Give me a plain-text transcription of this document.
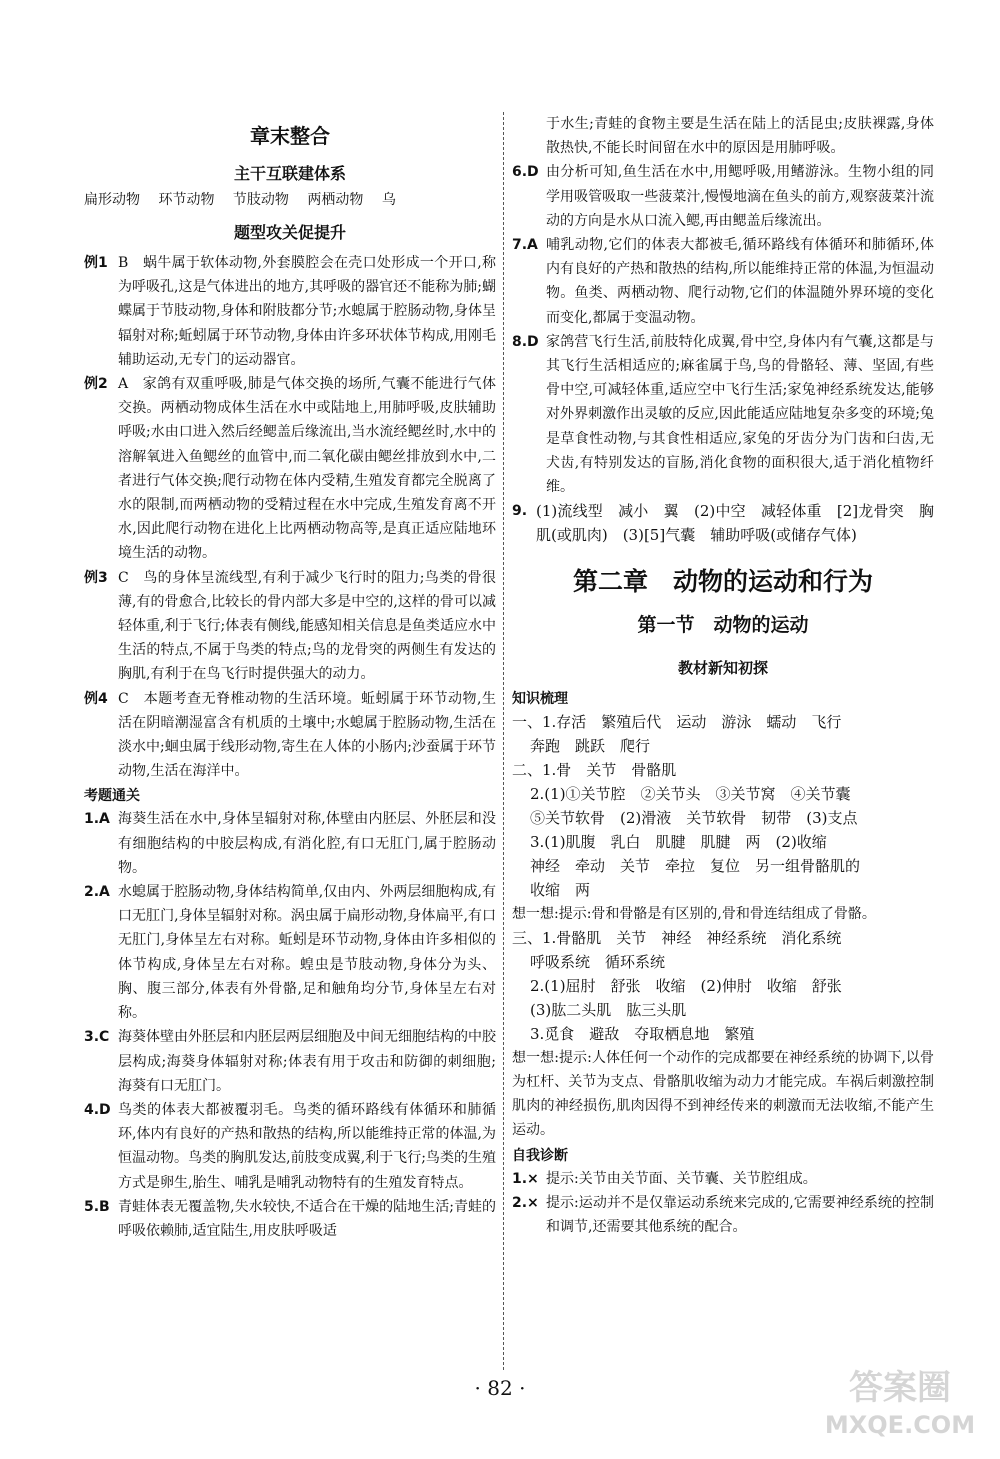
章末整合
主干互联建体系
扁形动物 环节动物 节肢动物 两栖动物 乌
题型攻关促提升
例1 B　蜗牛属于软体动物,外套膜腔会在壳口处形成一个开口,称为呼吸孔,这是气体进出的地方,其呼吸的器官还不能称为肺;蝴蝶属于节肢动物,身体和附肢都分节;水螅属于腔肠动物,身体呈辐射对称;蚯蚓属于环节动物,身体由许多环状体节构成,用刚毛辅助运动,无专门的运动器官。
例2 A　家鸽有双重呼吸,肺是气体交换的场所,气囊不能进行气体交换。两栖动物成体生活在水中或陆地上,用肺呼吸,皮肤辅助呼吸;水由口进入然后经鳃盖后缘流出,当水流经鳃丝时,水中的溶解氧进入鱼鳃丝的血管中,而二氧化碳由鳃丝排放到水中,二者进行气体交换;爬行动物在体内受精,生殖发育都完全脱离了水的限制,而两栖动物的受精过程在水中完成,生殖发育离不开水,因此爬行动物在进化上比两栖动物高等,是真正适应陆地环境生活的动物。
例3 C　鸟的身体呈流线型,有利于减少飞行时的阻力;鸟类的骨很薄,有的骨愈合,比较长的骨内部大多是中空的,这样的骨可以减轻体重,利于飞行;体表有侧线,能感知相关信息是鱼类适应水中生活的特点,不属于鸟类的特点;鸟的龙骨突的两侧生有发达的胸肌,有利于在鸟飞行时提供强大的动力。
例4 C　本题考查无脊椎动物的生活环境。蚯蚓属于环节动物,生活在阴暗潮湿富含有机质的土壤中;水螅属于腔肠动物,生活在淡水中;蛔虫属于线形动物,寄生在人体的小肠内;沙蚕属于环节动物,生活在海洋中。
考题通关
1.A 海葵生活在水中,身体呈辐射对称,体壁由内胚层、外胚层和没有细胞结构的中胶层构成,有消化腔,有口无肛门,属于腔肠动物。
2.A 水螅属于腔肠动物,身体结构简单,仅由内、外两层细胞构成,有口无肛门,身体呈辐射对称。涡虫属于扁形动物,身体扁平,有口无肛门,身体呈左右对称。蚯蚓是环节动物,身体由许多相似的体节构成,身体呈左右对称。蝗虫是节肢动物,身体分为头、胸、腹三部分,体表有外骨骼,足和触角均分节,身体呈左右对称。
3.C 海葵体壁由外胚层和内胚层两层细胞及中间无细胞结构的中胶层构成;海葵身体辐射对称;体表有用于攻击和防御的刺细胞;海葵有口无肛门。
4.D 鸟类的体表大都被覆羽毛。鸟类的循环路线有体循环和肺循环,体内有良好的产热和散热的结构,所以能维持正常的体温,为恒温动物。鸟类的胸肌发达,前肢变成翼,利于飞行;鸟类的生殖方式是卵生,胎生、哺乳是哺乳动物特有的生殖发育特点。
5.B 青蛙体表无覆盖物,失水较快,不适合在干燥的陆地生活;青蛙的呼吸依赖肺,适宜陆生,用皮肤呼吸适

于水生;青蛙的食物主要是生活在陆上的活昆虫;皮肤裸露,身体散热快,不能长时间留在水中的原因是用肺呼吸。

6.D 由分析可知,鱼生活在水中,用鳃呼吸,用鳍游泳。生物小组的同学用吸管吸取一些菠菜汁,慢慢地滴在鱼头的前方,观察菠菜汁流动的方向是水从口流入鳃,再由鳃盖后缘流出。
7.A 哺乳动物,它们的体表大都被毛,循环路线有体循环和肺循环,体内有良好的产热和散热的结构,所以能维持正常的体温,为恒温动物。鱼类、两栖动物、爬行动物,它们的体温随外界环境的变化而变化,都属于变温动物。
8.D 家鸽营飞行生活,前肢特化成翼,骨中空,身体内有气囊,这都是与其飞行生活相适应的;麻雀属于鸟,鸟的骨骼轻、薄、坚固,有些骨中空,可减轻体重,适应空中飞行生活;家兔神经系统发达,能够对外界刺激作出灵敏的反应,因此能适应陆地复杂多变的环境;兔是草食性动物,与其食性相适应,家兔的牙齿分为门齿和臼齿,无犬齿,有特别发达的盲肠,消化食物的面积很大,适于消化植物纤维。
9. (1)流线型　减小　翼　(2)中空　减轻体重　[2]龙骨突　胸肌(或肌肉)　(3)[5]气囊　辅助呼吸(或储存气体)
第二章　动物的运动和行为
第一节　动物的运动
教材新知初探
知识梳理

一、1.存活　繁殖后代　运动　游泳　蠕动　飞行

奔跑　跳跃　爬行

二、1.骨　关节　骨骼肌

2.(1)①关节腔　②关节头　③关节窝　④关节囊

⑤关节软骨　(2)滑液　关节软骨　韧带　(3)支点

3.(1)肌腹　乳白　肌腱　肌腱　两　(2)收缩

神经　牵动　关节　牵拉　复位　另一组骨骼肌的

收缩　两

想一想:提示:骨和骨骼是有区别的,骨和骨连结组成了骨骼。

三、1.骨骼肌　关节　神经　神经系统　消化系统

呼吸系统　循环系统

2.(1)屈肘　舒张　收缩　(2)伸肘　收缩　舒张

(3)肱二头肌　肱三头肌

3.觅食　避敌　夺取栖息地　繁殖

想一想:提示:人体任何一个动作的完成都要在神经系统的协调下,以骨为杠杆、关节为支点、骨骼肌收缩为动力才能完成。车祸后刺激控制肌肉的神经损伤,肌肉因得不到神经传来的刺激而无法收缩,不能产生运动。

自我诊断
1.× 提示:关节由关节面、关节囊、关节腔组成。
2.× 提示:运动并不是仅靠运动系统来完成的,它需要神经系统的控制和调节,还需要其他系统的配合。
· 82 ·	答案圈
MXQE.COM
